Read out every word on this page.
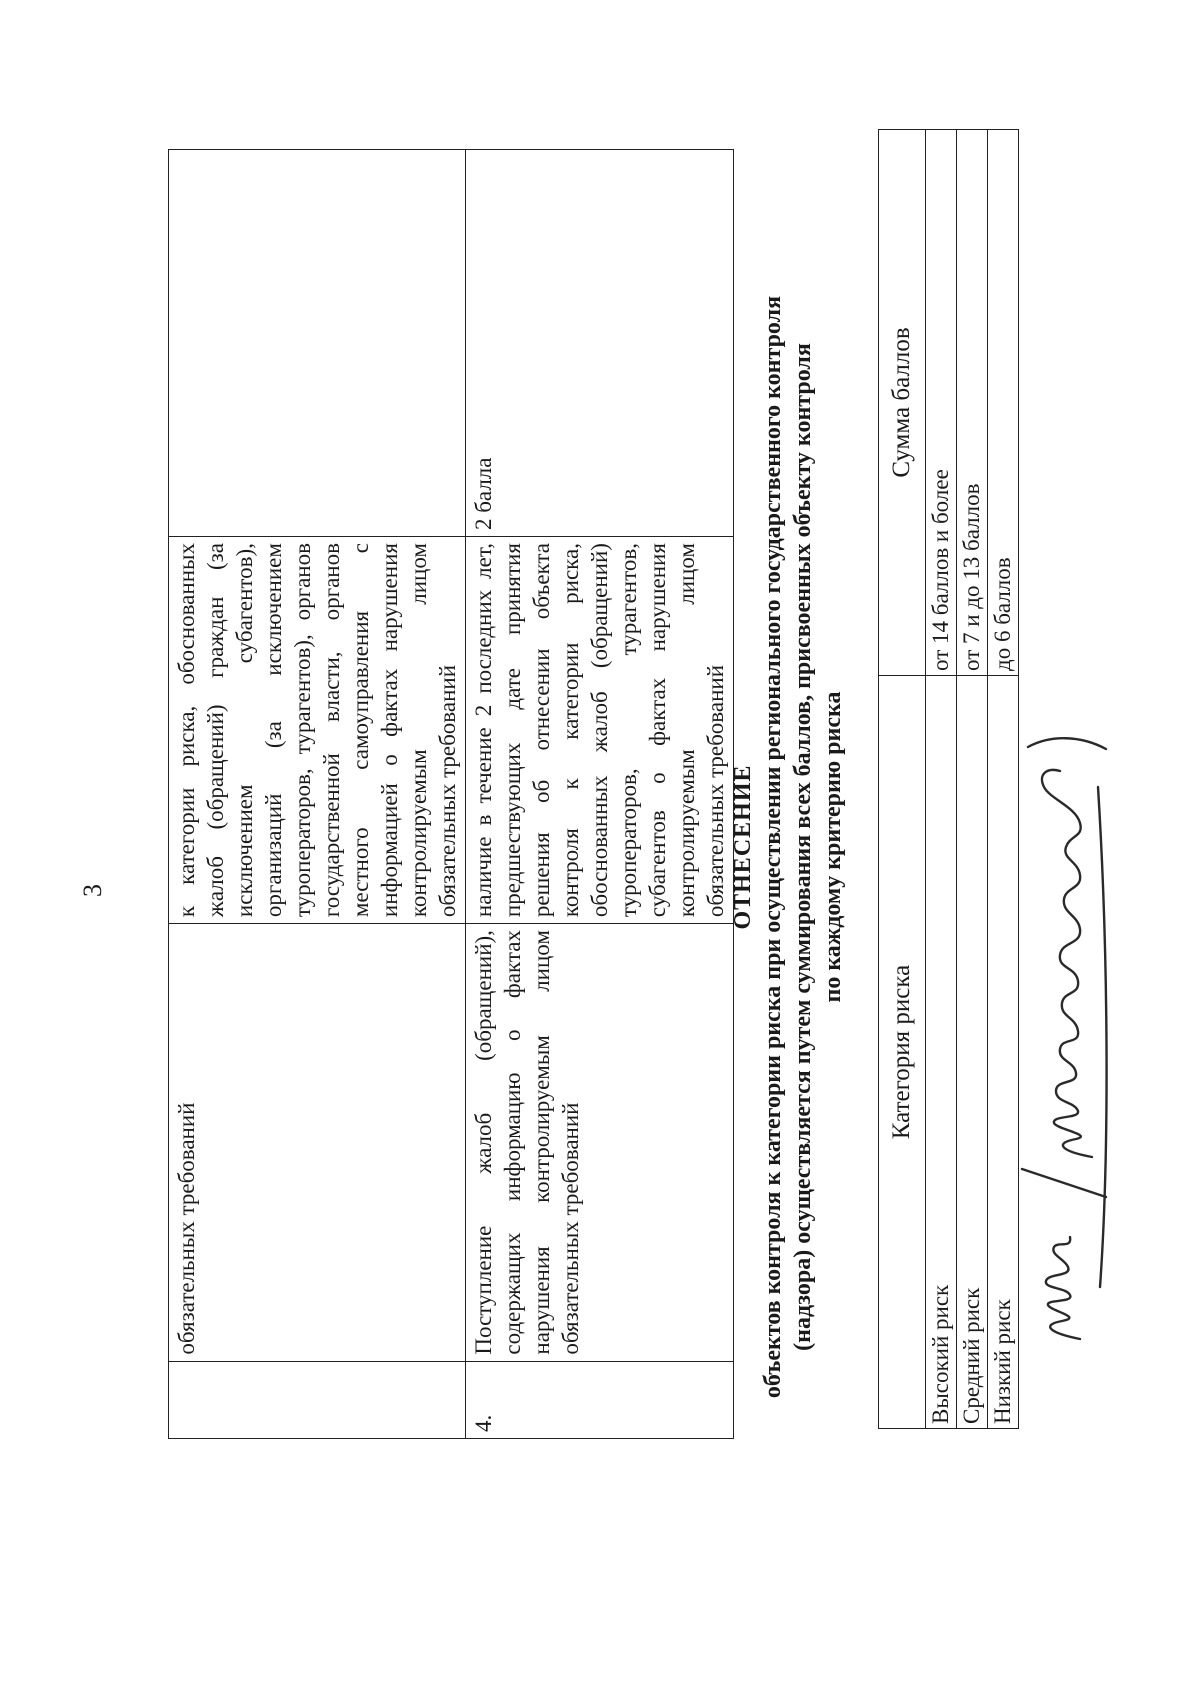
3
	обязательных требований	к категории риска, обоснованных жалоб (обращений) граждан (за исключением субагентов), организаций (за исключением туроператоров, турагентов), органов государственной власти, органов местного самоуправления с информацией о фактах нарушения контролируемым лицом обязательных требований	
4.	Поступление жалоб (обращений), содержащих информацию о фактах нарушения контролируемым лицом обязательных требований	наличие в течение 2 последних лет, предшествующих дате принятия решения об отнесении объекта контроля к категории риска, обоснованных жалоб (обращений) туроператоров, турагентов, субагентов о фактах нарушения контролируемым лицом обязательных требований	2 балла
ОТНЕСЕНИЕ объектов контроля к категории риска при осуществлении регионального государственного контроля (надзора) осуществляется путем суммирования всех баллов, присвоенных объекту контроля по каждому критерию риска
Категория риска	Сумма баллов
Высокий риск	от 14 баллов и более
Средний риск	от 7 и до 13 баллов
Низкий риск	до 6 баллов
